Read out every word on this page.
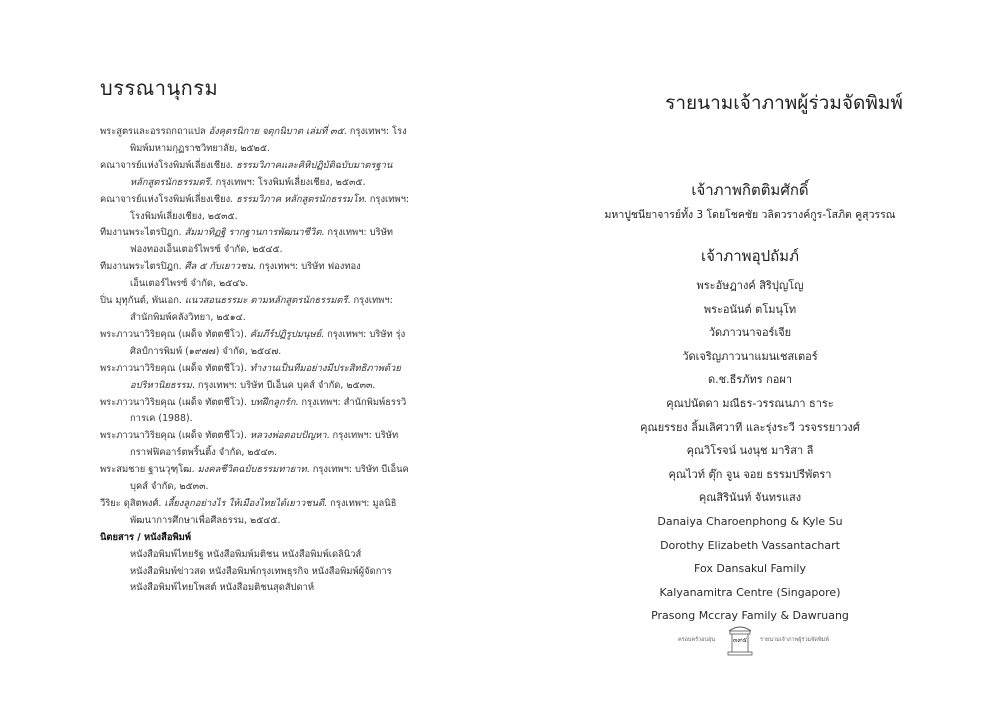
บรรณานุกรม

พระสูตรและอรรถกถาแปล อังคุตรนิกาย จตุกนิบาต เล่มที่ ๓๕. กรุงเทพฯ: โรงพิมพ์มหามกุฏราชวิทยาลัย, ๒๕๒๕.

คณาจารย์แห่งโรงพิมพ์เลี่ยงเชียง. ธรรมวิภาคและคิหิปฏิบัติฉบับมาตรฐาน หลักสูตรนักธรรมตรี. กรุงเทพฯ: โรงพิมพ์เลี่ยงเชียง, ๒๕๓๕.

คณาจารย์แห่งโรงพิมพ์เลี่ยงเชียง. ธรรมวิภาค หลักสูตรนักธรรมโท. กรุงเทพฯ: โรงพิมพ์เลี่ยงเชียง, ๒๕๓๕.

ทีมงานพระไตรปิฎก. สัมมาทิฏฐิ รากฐานการพัฒนาชีวิต. กรุงเทพฯ: บริษัท ฟองทองเอ็นเตอร์ไพรซ์ จำกัด, ๒๕๔๕.

ทีมงานพระไตรปิฎก. ศีล ๕ กับเยาวชน. กรุงเทพฯ: บริษัท ฟองทองเอ็นเตอร์ไพรซ์ จำกัด, ๒๕๔๖.

ปิ่น มุทุกันต์, พันเอก. แนวสอนธรรมะ ตามหลักสูตรนักธรรมตรี. กรุงเทพฯ: สำนักพิมพ์คลังวิทยา, ๒๕๑๔.

พระภาวนาวิริยคุณ (เผด็จ ทัตตชีโว). คัมภีร์ปฏิรูปมนุษย์. กรุงเทพฯ: บริษัท รุ่งศิลป์การพิมพ์ (๑๙๗๗) จำกัด, ๒๕๔๗.

พระภาวนาวิริยคุณ (เผด็จ ทัตตชีโว). ทำงานเป็นทีมอย่างมีประสิทธิภาพด้วยอปริหานิยธรรม. กรุงเทพฯ: บริษัท บีเอ็นค บุคส์ จำกัด, ๒๕๓๓.

พระภาวนาวิริยคุณ (เผด็จ ทัตตชีโว). บทฝึกลูกรัก. กรุงเทพฯ: สำนักพิมพ์ธรรวิการเค (1988).

พระภาวนาวิริยคุณ (เผด็จ ทัตตชีโว). หลวงพ่อตอบปัญหา. กรุงเทพฯ: บริษัท กราฟฟิคอาร์ตพริ้นติ้ง จำกัด, ๒๕๔๓.

พระสมชาย ฐานวุฑฺโฒ. มงคลชีวิตฉบับธรรมทายาท. กรุงเทพฯ: บริษัท บีเอ็นค บุคส์ จำกัด, ๒๕๓๓.

วีริยะ ดุสิตพงศ์. เลี้ยงลูกอย่างไร ให้เมืองไทยได้เยาวชนดี. กรุงเทพฯ: มูลนิธิพัฒนาการศึกษาเพื่อศีลธรรม, ๒๕๔๕.

นิตยสาร / หนังสือพิมพ์

หนังสือพิมพ์ไทยรัฐ หนังสือพิมพ์มติชน หนังสือพิมพ์เดลินิวส์ หนังสือพิมพ์ข่าวสด หนังสือพิมพ์กรุงเทพธุรกิจ หนังสือพิมพ์ผู้จัดการ หนังสือพิมพ์ไทยโพสต์ หนังสือมติชนสุดสัปดาห์

รายนามเจ้าภาพผู้ร่วมจัดพิมพ์
เจ้าภาพกิตติมศักดิ์
มหาปูชนียาจารย์ทั้ง 3 โดยโชคชัย วลิตวรางค์กูร-โสภิต คูสุวรรณ
เจ้าภาพอุปถัมภ์
พระอัษฎางค์ สิริปุญโญ
พระอนันต์ ตโมนุโท
วัดภาวนาจอร์เจีย
วัดเจริญภาวนาแมนเชสเตอร์
ด.ช.ธีรภัทร กอผา
คุณปนัดดา มณีธร-วรรณนภา ธาระ
คุณยรรยง ลิ้มเลิศวาที และรุ่งระวี วรจรรยาวงศ์
คุณวิโรจน์ นงนุช มาริสา ลี
คุณไวท์ ตุ๊ก จูน จอย ธรรมปรีพัตรา
คุณสิรินันท์ จันทรแสง
Danaiya Charoenphong & Kyle Su
Dorothy Elizabeth Vassantachart
Fox Dansakul Family
Kalyanamitra Centre (Singapore)
Prasong Mccray Family & Dawruang
ครอบครัวอบอุ่น	๓๙๕	รายนามเจ้าภาพผู้ร่วมจัดพิมพ์
